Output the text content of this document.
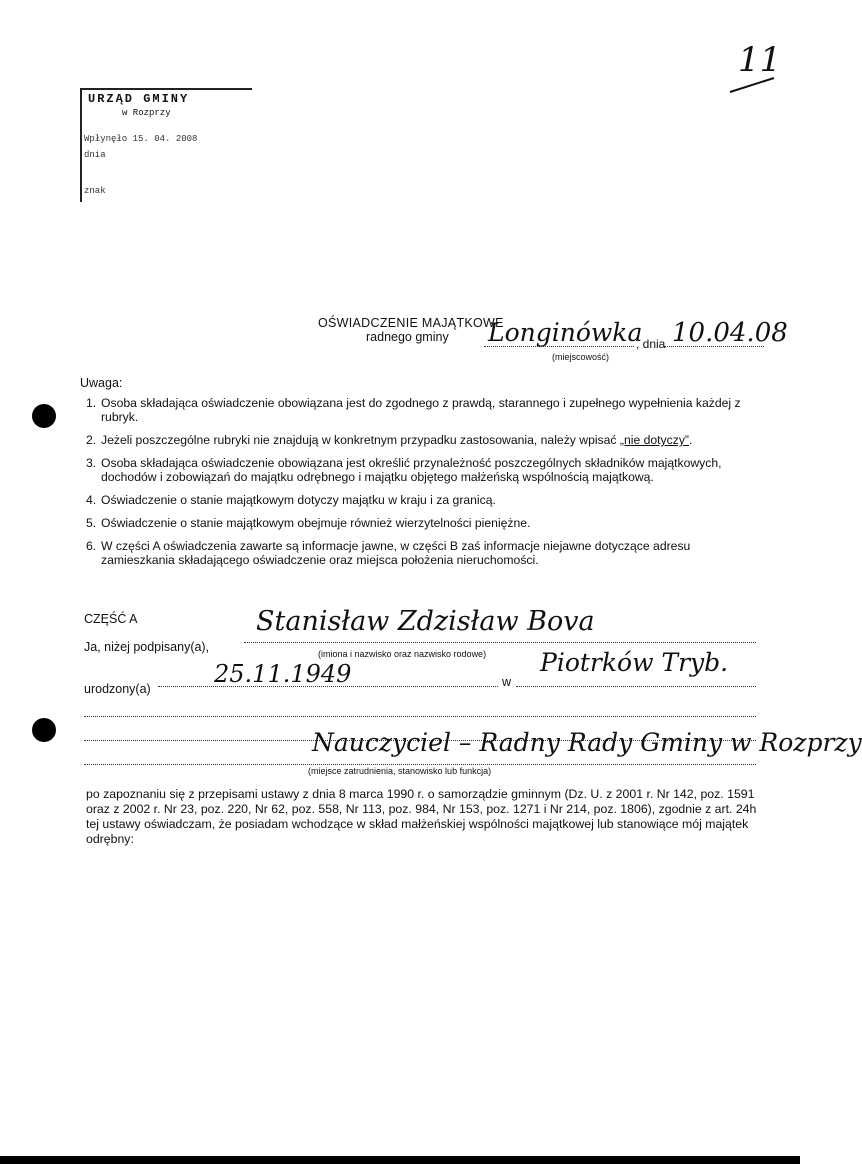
11
URZĄD GMINY
w Rozprzy
Wpłynęło 15. 04. 2008
dnia
znak
OŚWIADCZENIE MAJĄTKOWE
radnego gminy Longinówka
(miejscowość)
, dnia 10.04.08
Uwaga:
1. Osoba składająca oświadczenie obowiązana jest do zgodnego z prawdą, starannego i zupełnego wypełnienia każdej z rubryk.
2. Jeżeli poszczególne rubryki nie znajdują w konkretnym przypadku zastosowania, należy wpisać „nie dotyczy”.
3. Osoba składająca oświadczenie obowiązana jest określić przynależność poszczególnych składników majątkowych, dochodów i zobowiązań do majątku odrębnego i majątku objętego małżeńską wspólnością majątkową.
4. Oświadczenie o stanie majątkowym dotyczy majątku w kraju i za granicą.
5. Oświadczenie o stanie majątkowym obejmuje również wierzytelności pieniężne.
6. W części A oświadczenia zawarte są informacje jawne, w części B zaś informacje niejawne dotyczące adresu zamieszkania składającego oświadczenie oraz miejsca położenia nieruchomości.
CZĘŚĆ A
Ja, niżej podpisany(a),
Stanisław Zdzisław Bova
(imiona i nazwisko oraz nazwisko rodowe)
urodzony(a)
25.11.1949	w
Piotrków Tryb.
Nauczyciel – Radny Rady Gminy w Rozprzy
(miejsce zatrudnienia, stanowisko lub funkcja)
po zapoznaniu się z przepisami ustawy z dnia 8 marca 1990 r. o samorządzie gminnym (Dz. U. z 2001 r. Nr 142, poz. 1591 oraz z 2002 r. Nr 23, poz. 220, Nr 62, poz. 558, Nr 113, poz. 984, Nr 153, poz. 1271 i Nr 214, poz. 1806), zgodnie z art. 24h tej ustawy oświadczam, że posiadam wchodzące w skład małżeńskiej wspólności majątkowej lub stanowiące mój majątek odrębny:
